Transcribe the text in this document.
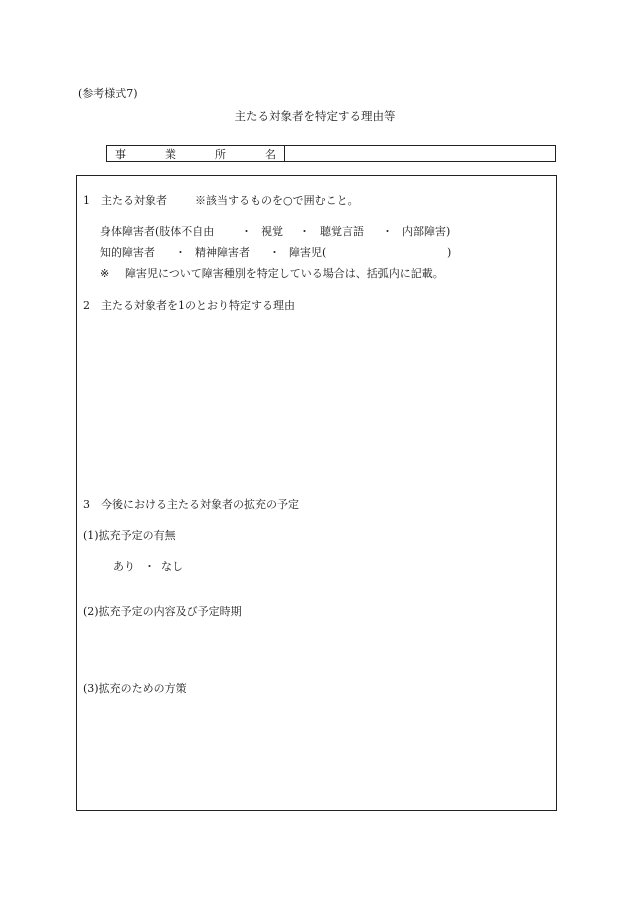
(参考様式7)
主たる対象者を特定する理由等
事	業	所	名
1 主たる対象者	※該当するものを○で囲むこと。
身体障害者(肢体不自由 ・ 視覚 ・ 聴覚言語 ・ 内部障害)
知的障害者 ・ 精神障害者 ・ 障害児(	)
※ 障害児について障害種別を特定している場合は、括弧内に記載。
2 主たる対象者を1のとおり特定する理由
3 今後における主たる対象者の拡充の予定
(1)拡充予定の有無
あり ・ なし
(2)拡充予定の内容及び予定時期
(3)拡充のための方策
